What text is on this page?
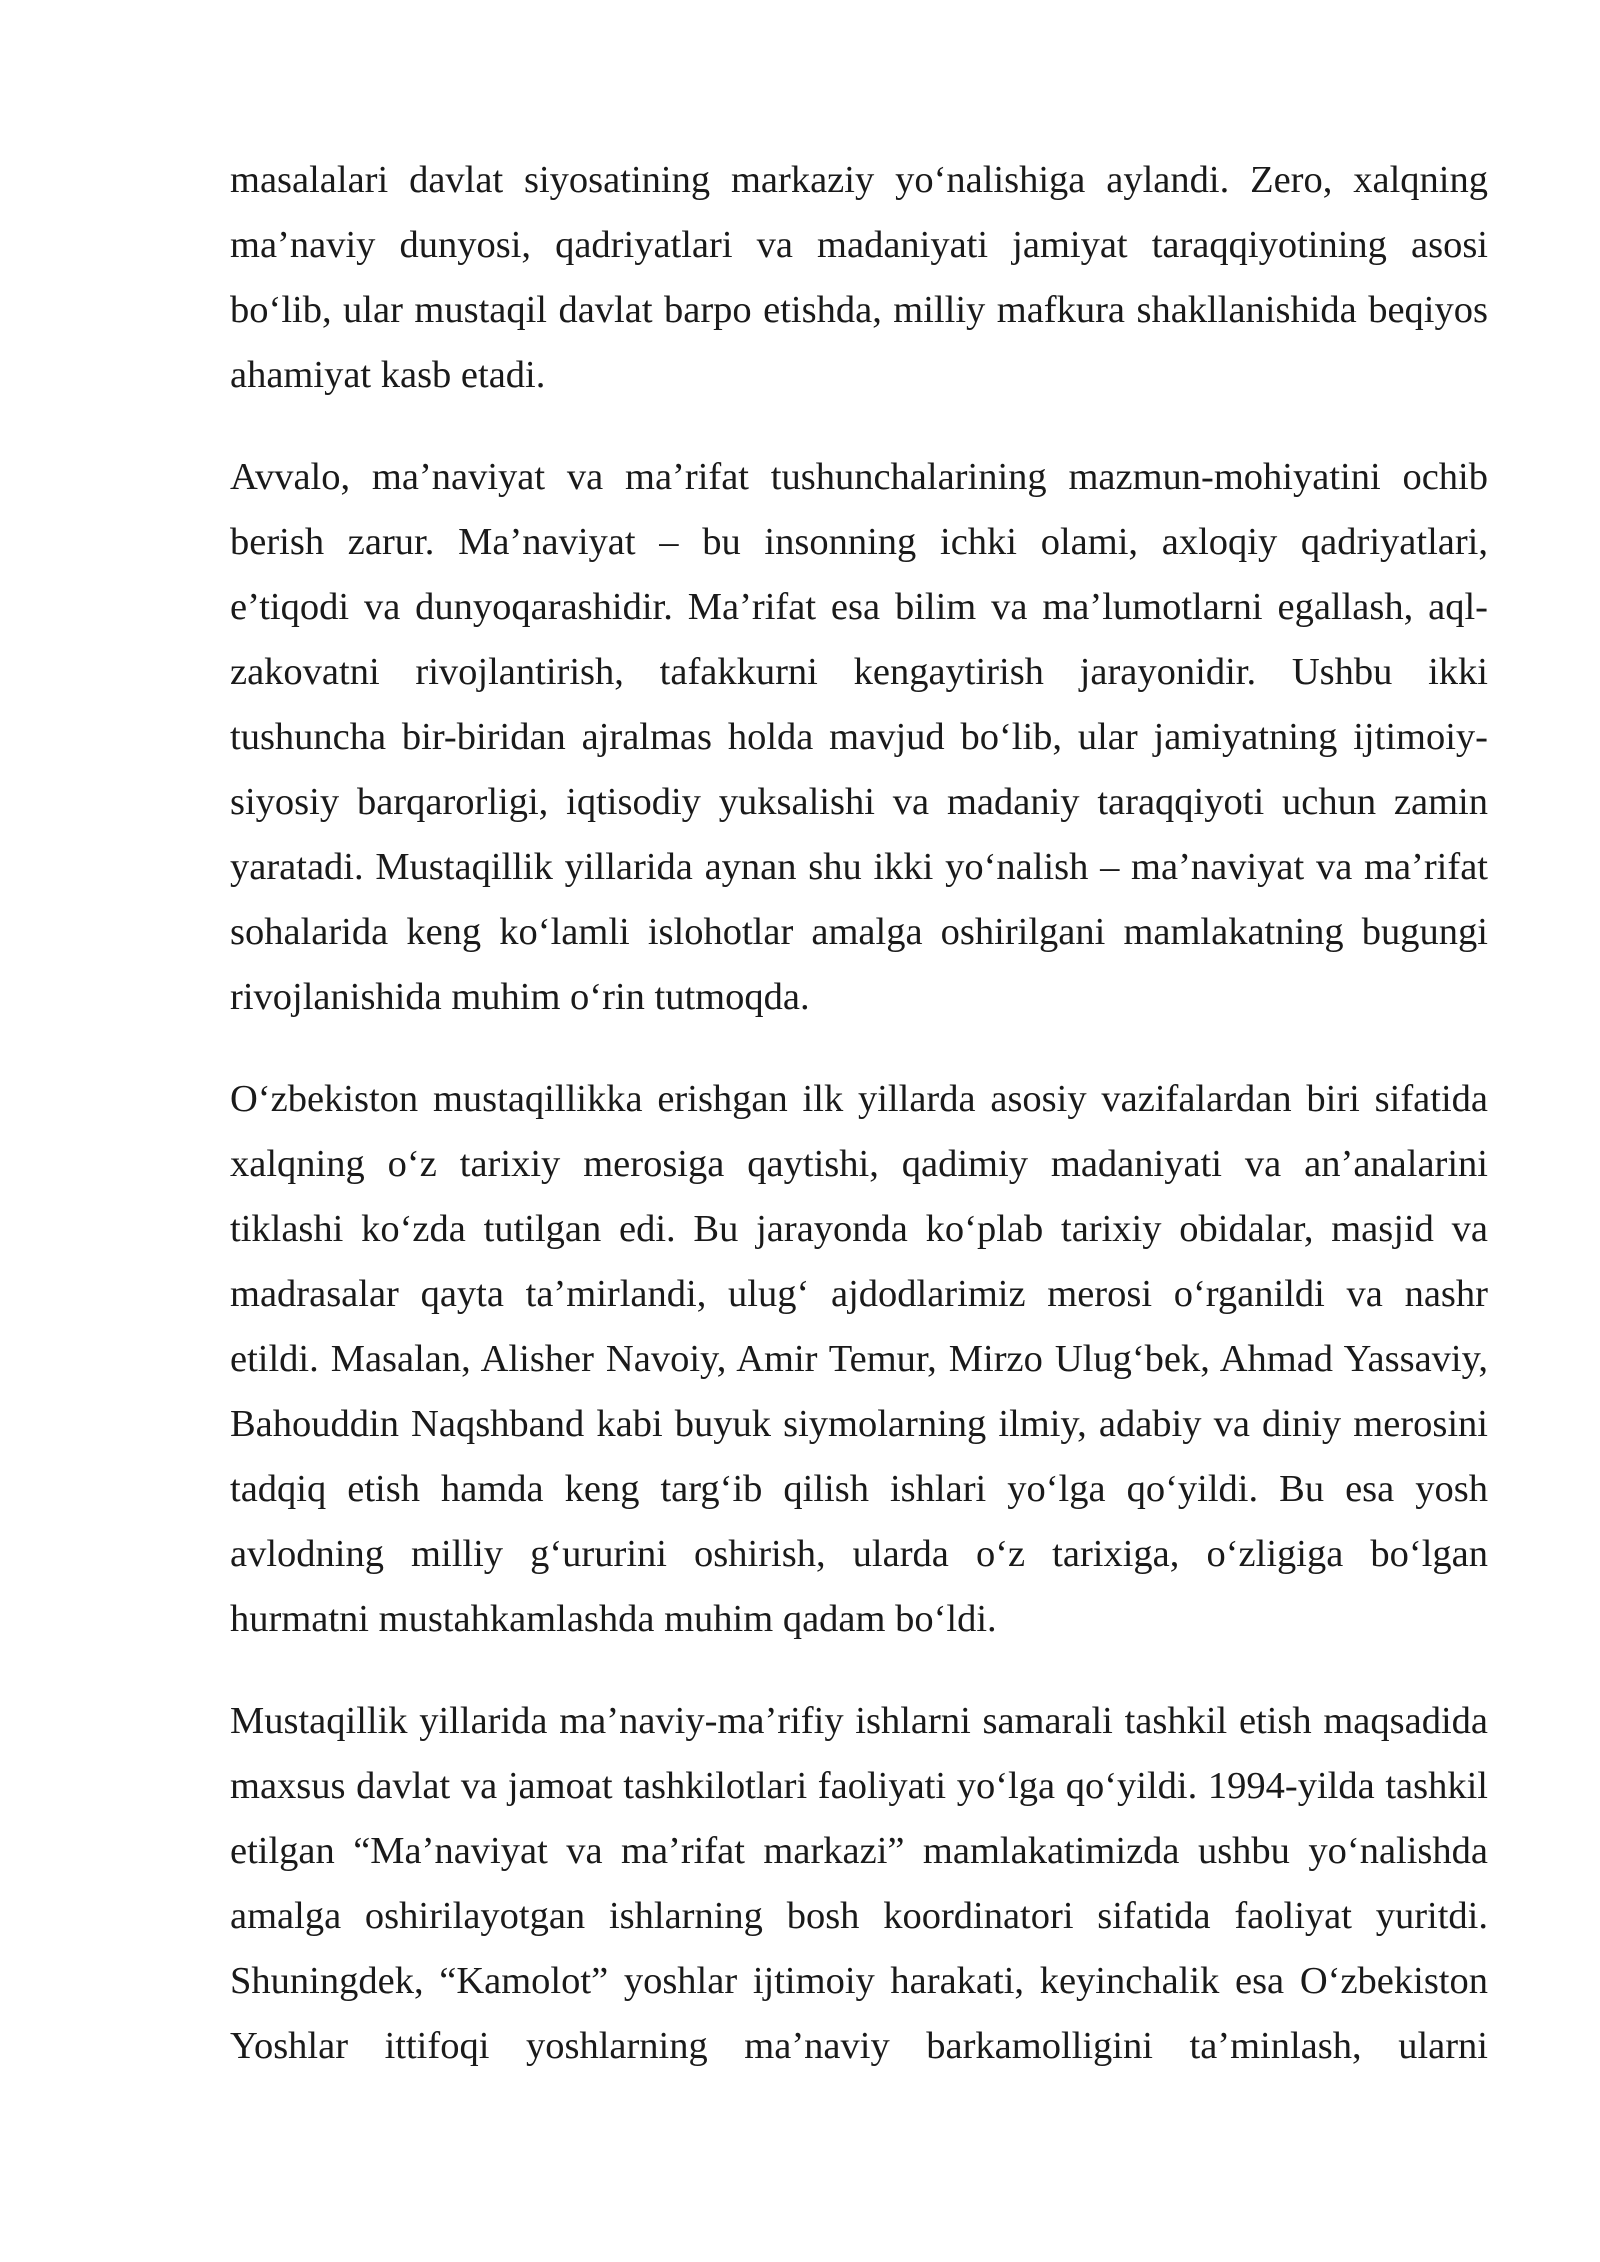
masalalari davlat siyosatining markaziy yo‘nalishiga aylandi. Zero, xalqning ma’naviy dunyosi, qadriyatlari va madaniyati jamiyat taraqqiyotining asosi bo‘lib, ular mustaqil davlat barpo etishda, milliy mafkura shakllanishida beqiyos ahamiyat kasb etadi.

Avvalo, ma’naviyat va ma’rifat tushunchalarining mazmun-mohiyatini ochib berish zarur. Ma’naviyat – bu insonning ichki olami, axloqiy qadriyatlari, e’tiqodi va dunyoqarashidir. Ma’rifat esa bilim va ma’lumotlarni egallash, aql-zakovatni rivojlantirish, tafakkurni kengaytirish jarayonidir. Ushbu ikki tushuncha bir-biridan ajralmas holda mavjud bo‘lib, ular jamiyatning ijtimoiy-siyosiy barqarorligi, iqtisodiy yuksalishi va madaniy taraqqiyoti uchun zamin yaratadi. Mustaqillik yillarida aynan shu ikki yo‘nalish – ma’naviyat va ma’rifat sohalarida keng ko‘lamli islohotlar amalga oshirilgani mamlakatning bugungi rivojlanishida muhim o‘rin tutmoqda.

O‘zbekiston mustaqillikka erishgan ilk yillarda asosiy vazifalardan biri sifatida xalqning o‘z tarixiy merosiga qaytishi, qadimiy madaniyati va an’analarini tiklashi ko‘zda tutilgan edi. Bu jarayonda ko‘plab tarixiy obidalar, masjid va madrasalar qayta ta’mirlandi, ulug‘ ajdodlarimiz merosi o‘rganildi va nashr etildi. Masalan, Alisher Navoiy, Amir Temur, Mirzo Ulug‘bek, Ahmad Yassaviy, Bahouddin Naqshband kabi buyuk siymolarning ilmiy, adabiy va diniy merosini tadqiq etish hamda keng targ‘ib qilish ishlari yo‘lga qo‘yildi. Bu esa yosh avlodning milliy g‘ururini oshirish, ularda o‘z tarixiga, o‘zligiga bo‘lgan hurmatni mustahkamlashda muhim qadam bo‘ldi.

Mustaqillik yillarida ma’naviy-ma’rifiy ishlarni samarali tashkil etish maqsadida maxsus davlat va jamoat tashkilotlari faoliyati yo‘lga qo‘yildi. 1994-yilda tashkil etilgan “Ma’naviyat va ma’rifat markazi” mamlakatimizda ushbu yo‘nalishda amalga oshirilayotgan ishlarning bosh koordinatori sifatida faoliyat yuritdi. Shuningdek, “Kamolot” yoshlar ijtimoiy harakati, keyinchalik esa O‘zbekiston Yoshlar ittifoqi yoshlarning ma’naviy barkamolligini ta’minlash, ularni
